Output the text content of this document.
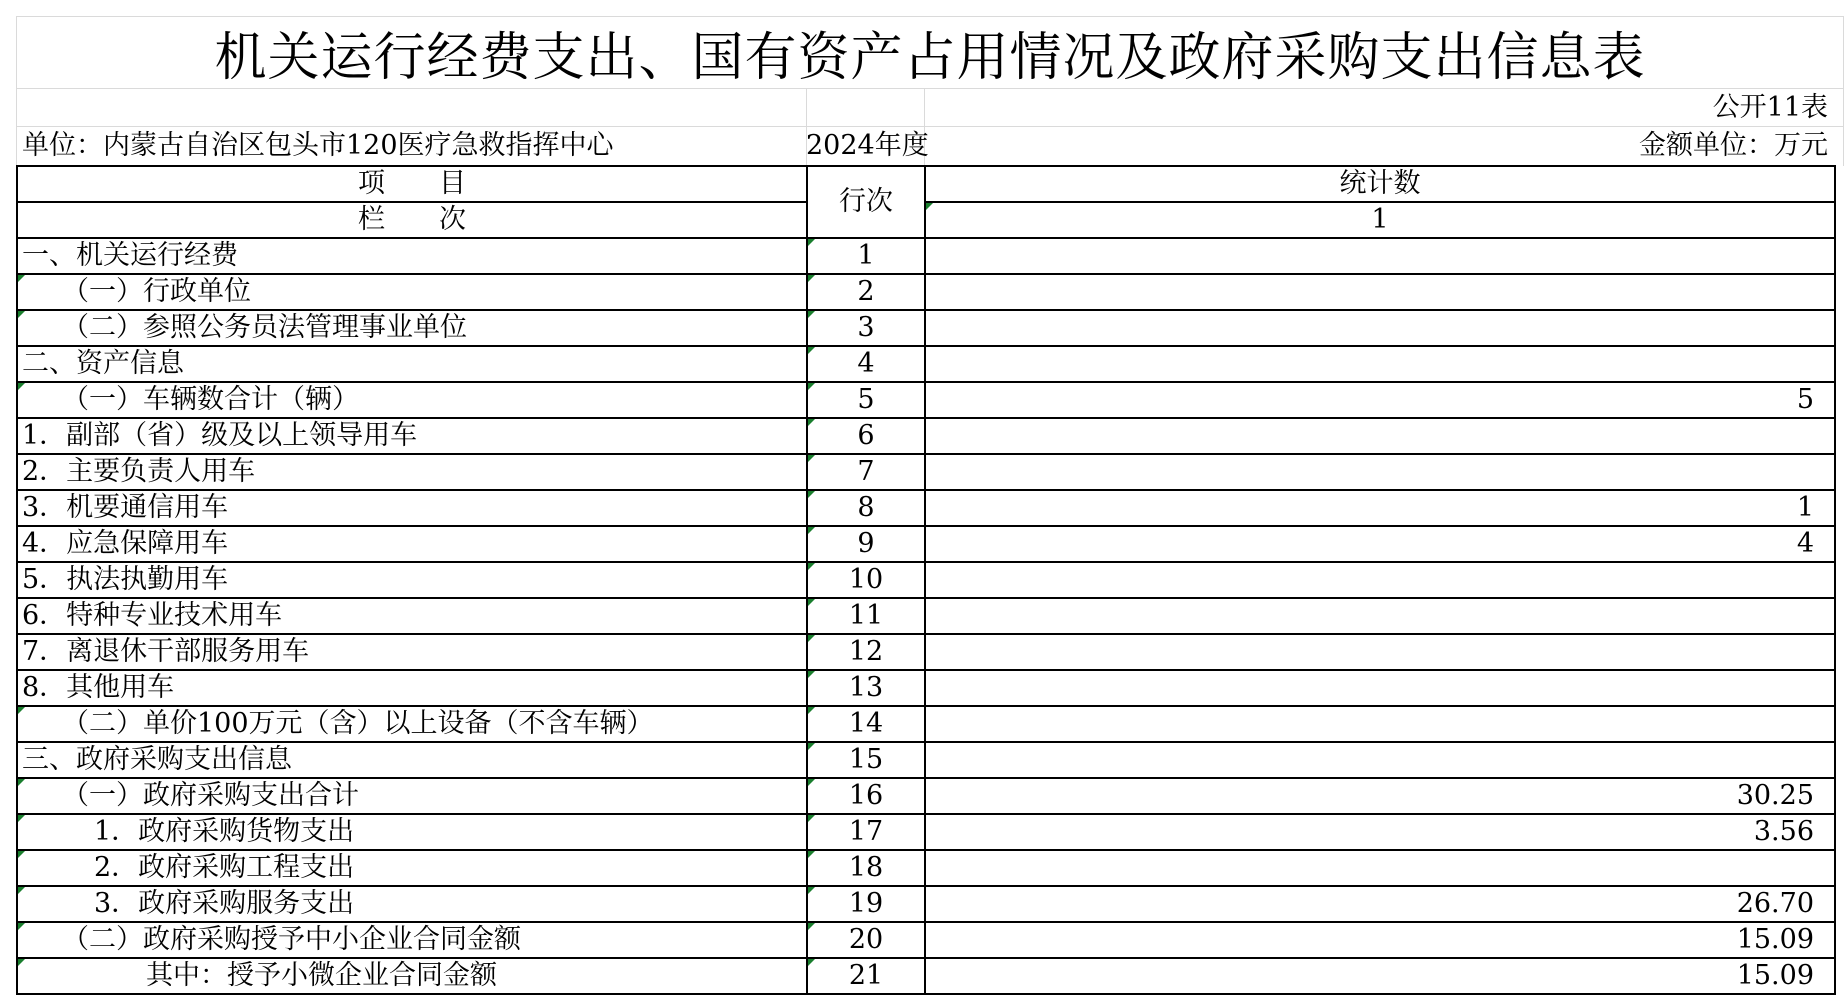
机关运行经费支出、国有资产占用情况及政府采购支出信息表
公开11表
单位：内蒙古自治区包头市120医疗急救指挥中心	2024年度	金额单位：万元
项　　目	行次	统计数
栏　　次		1
一、机关运行经费	1	
（一）行政单位	2	
（二）参照公务员法管理事业单位	3	
二、资产信息	4	
（一）车辆数合计（辆）	5	5
1．副部（省）级及以上领导用车	6	
2．主要负责人用车	7	
3．机要通信用车	8	1
4．应急保障用车	9	4
5．执法执勤用车	10	
6．特种专业技术用车	11	
7．离退休干部服务用车	12	
8．其他用车	13	
（二）单价100万元（含）以上设备（不含车辆）	14	
三、政府采购支出信息	15	
（一）政府采购支出合计	16	30.25
1．政府采购货物支出	17	3.56
2．政府采购工程支出	18	
3．政府采购服务支出	19	26.70
（二）政府采购授予中小企业合同金额	20	15.09
其中：授予小微企业合同金额	21	15.09
